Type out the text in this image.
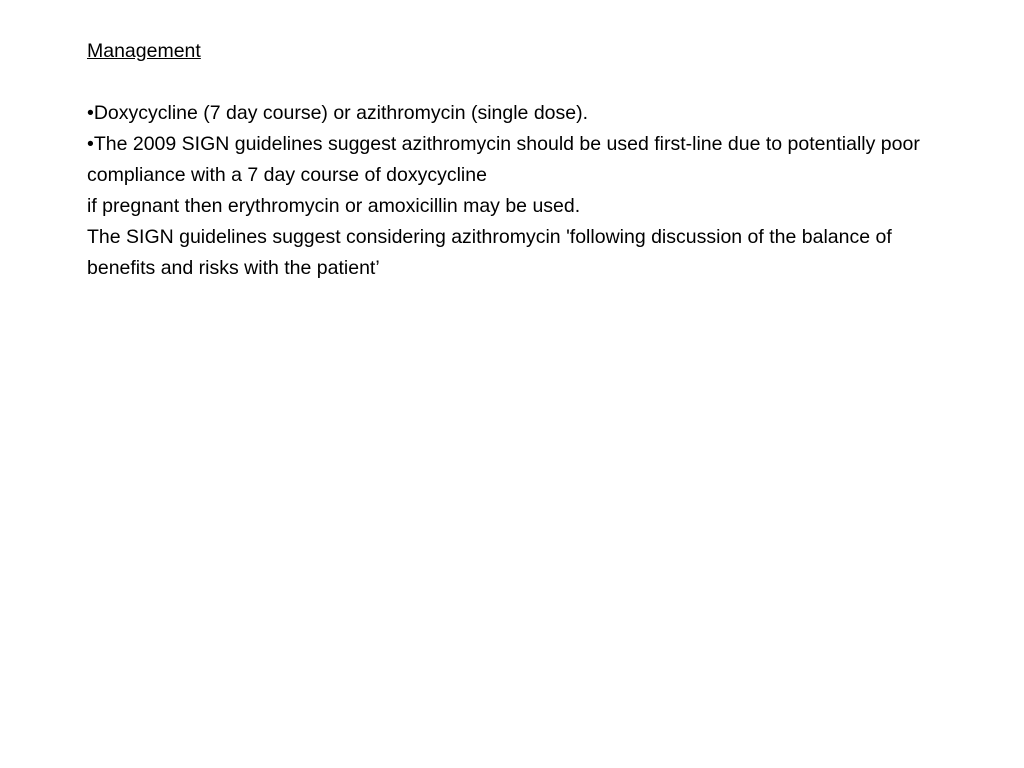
Management
•Doxycycline (7 day course) or azithromycin (single dose).
•The 2009 SIGN guidelines suggest azithromycin should be used first-line due to potentially poor compliance with a 7 day course of doxycycline
if pregnant then erythromycin or amoxicillin may be used.
The SIGN guidelines suggest considering azithromycin 'following discussion of the balance of benefits and risks with the patient’
